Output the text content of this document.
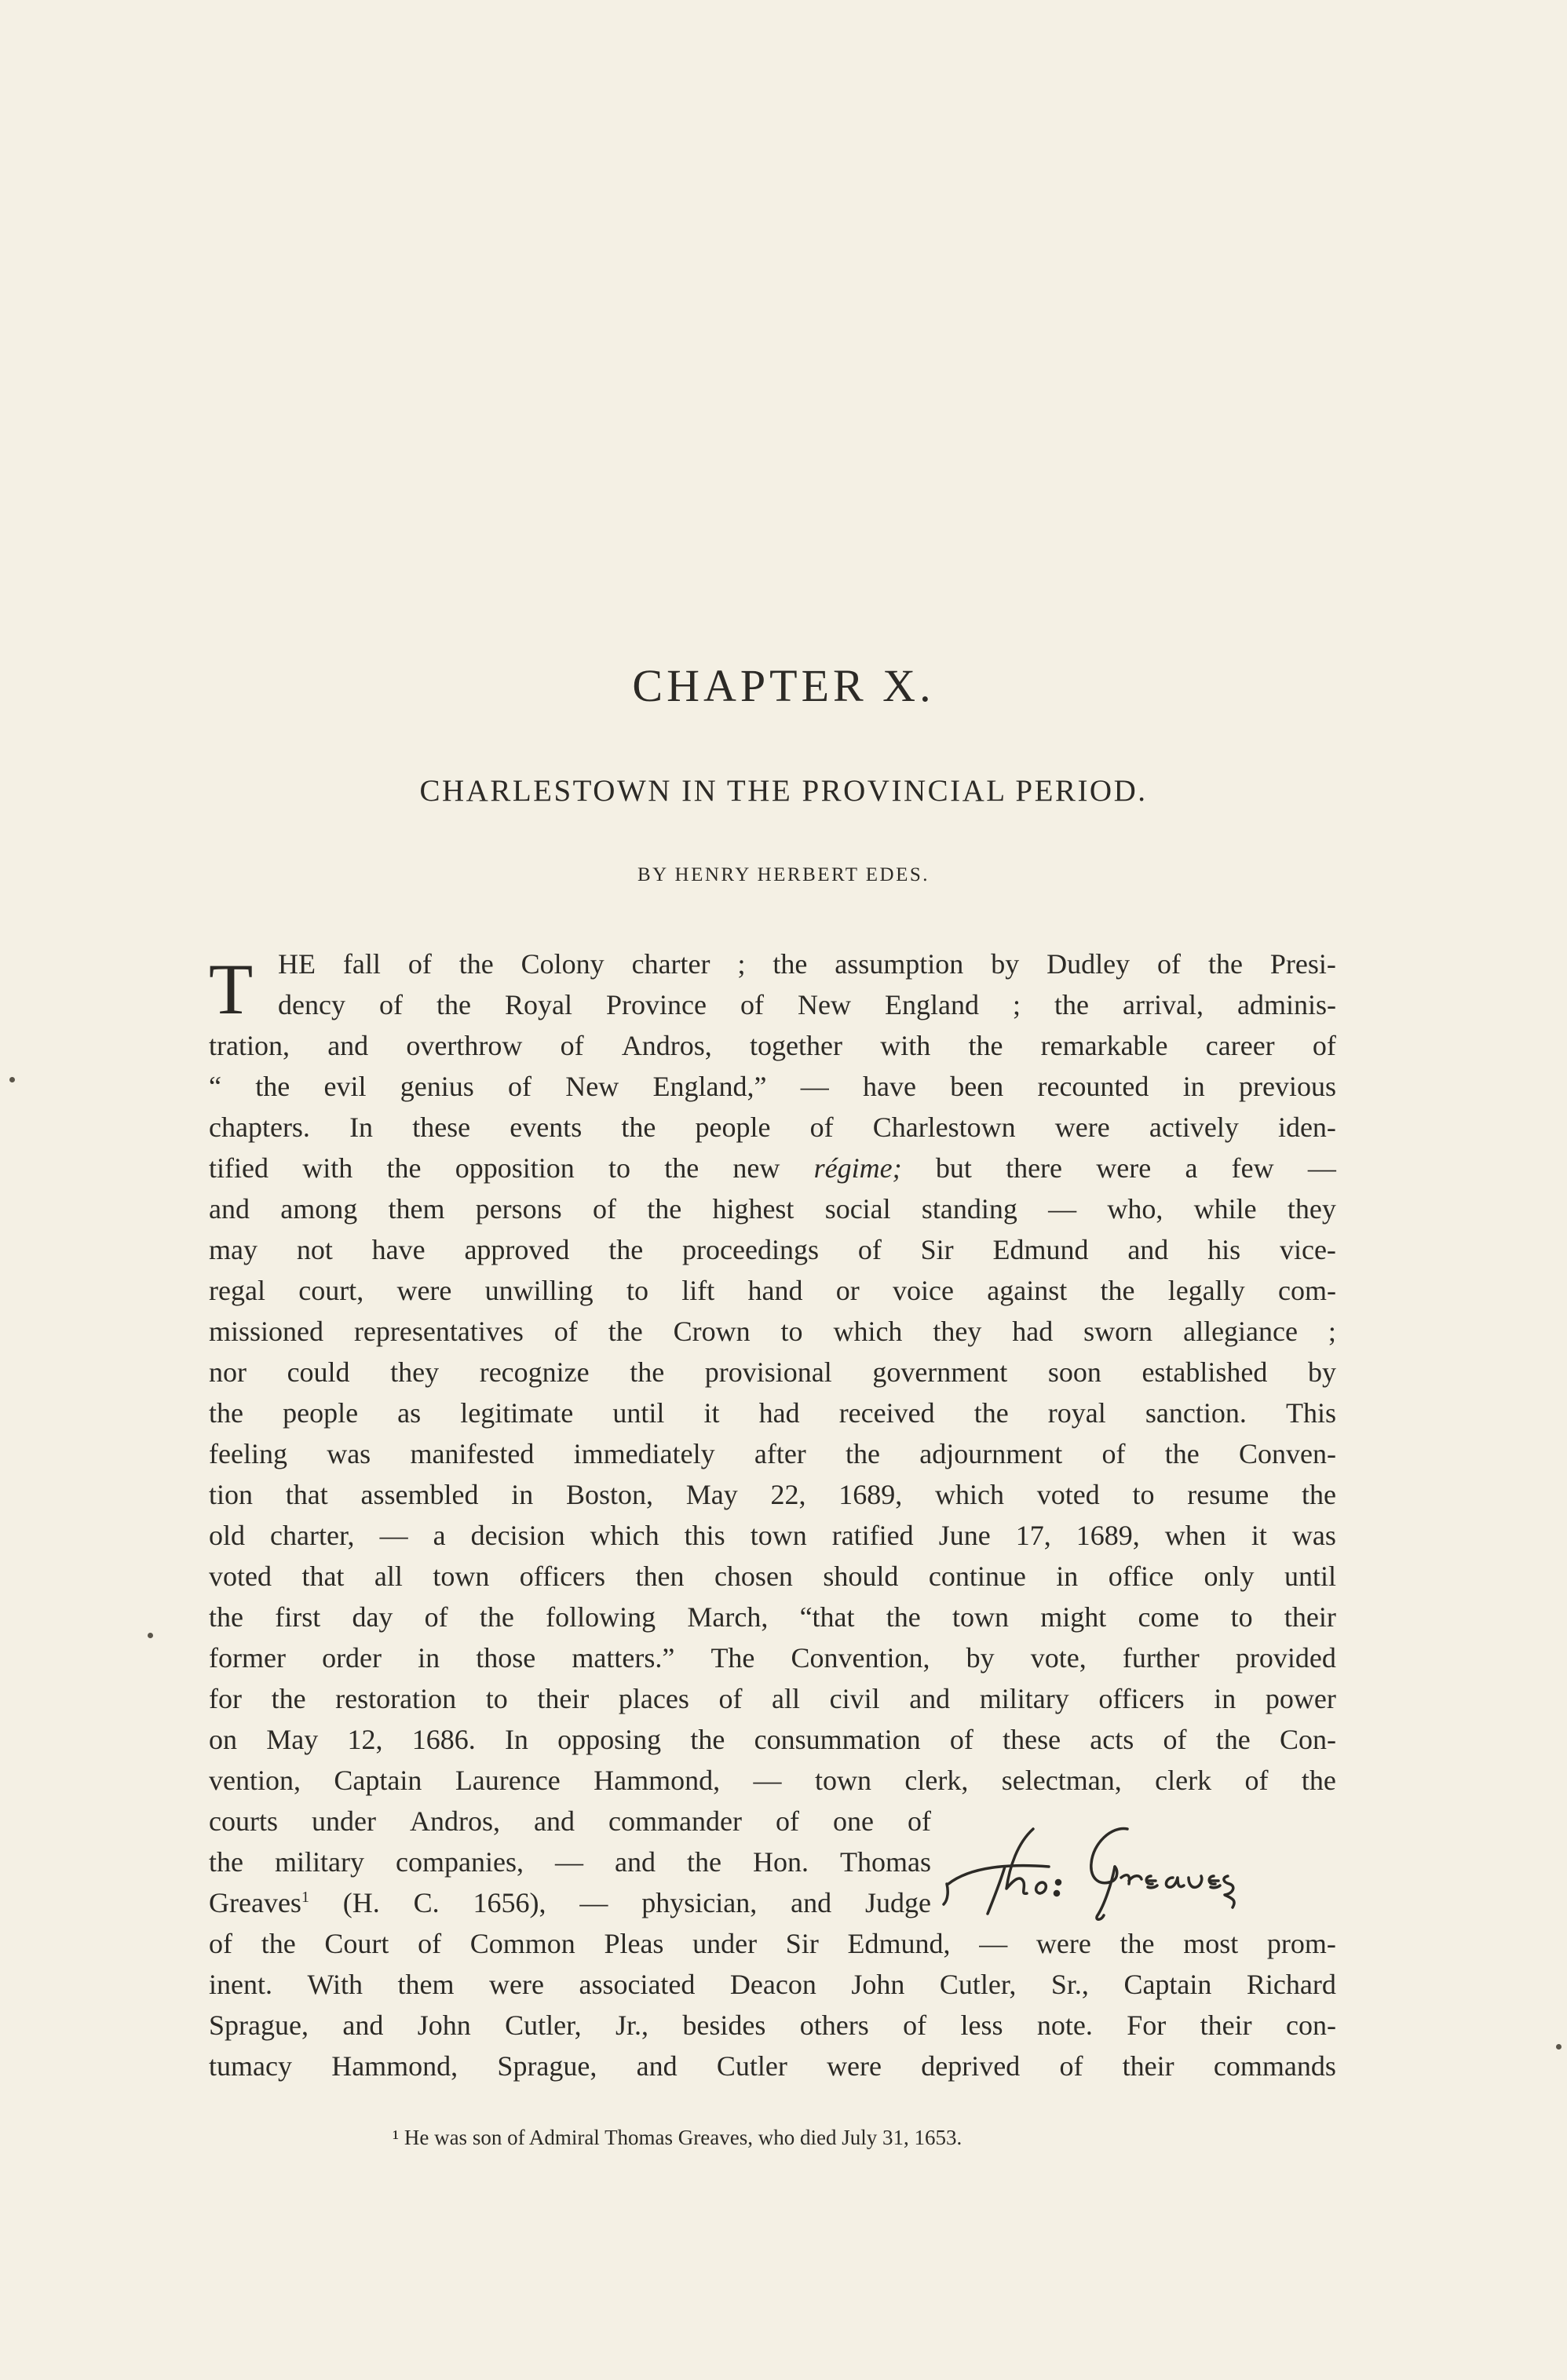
CHAPTER X.
CHARLESTOWN IN THE PROVINCIAL PERIOD.
BY HENRY HERBERT EDES.
T HE fall of the Colony charter ; the assumption by Dudley of the Presi-
dency of the Royal Province of New England ; the arrival, adminis-
tration, and overthrow of Andros, together with the remarkable career of
“ the evil genius of New England,” — have been recounted in previous
chapters. In these events the people of Charlestown were actively iden-
tified with the opposition to the new régime; but there were a few —
and among them persons of the highest social standing — who, while they
may not have approved the proceedings of Sir Edmund and his vice-
regal court, were unwilling to lift hand or voice against the legally com-
missioned representatives of the Crown to which they had sworn allegiance ;
nor could they recognize the provisional government soon established by
the people as legitimate until it had received the royal sanction. This
feeling was manifested immediately after the adjournment of the Conven-
tion that assembled in Boston, May 22, 1689, which voted to resume the
old charter, — a decision which this town ratified June 17, 1689, when it was
voted that all town officers then chosen should continue in office only until
the first day of the following March, “that the town might come to their
former order in those matters.” The Convention, by vote, further provided
for the restoration to their places of all civil and military officers in power
on May 12, 1686. In opposing the consummation of these acts of the Con-
vention, Captain Laurence Hammond, — town clerk, selectman, clerk of the
courts under Andros, and commander of one of
the military companies, — and the Hon. Thomas
Greaves$^1$ (H. C. 1656), — physician, and Judge
of the Court of Common Pleas under Sir Edmund, — were the most prom-
inent. With them were associated Deacon John Cutler, Sr., Captain Richard
Sprague, and John Cutler, Jr., besides others of less note. For their con-
tumacy Hammond, Sprague, and Cutler were deprived of their commands
¹ He was son of Admiral Thomas Greaves, who died July 31, 1653.
